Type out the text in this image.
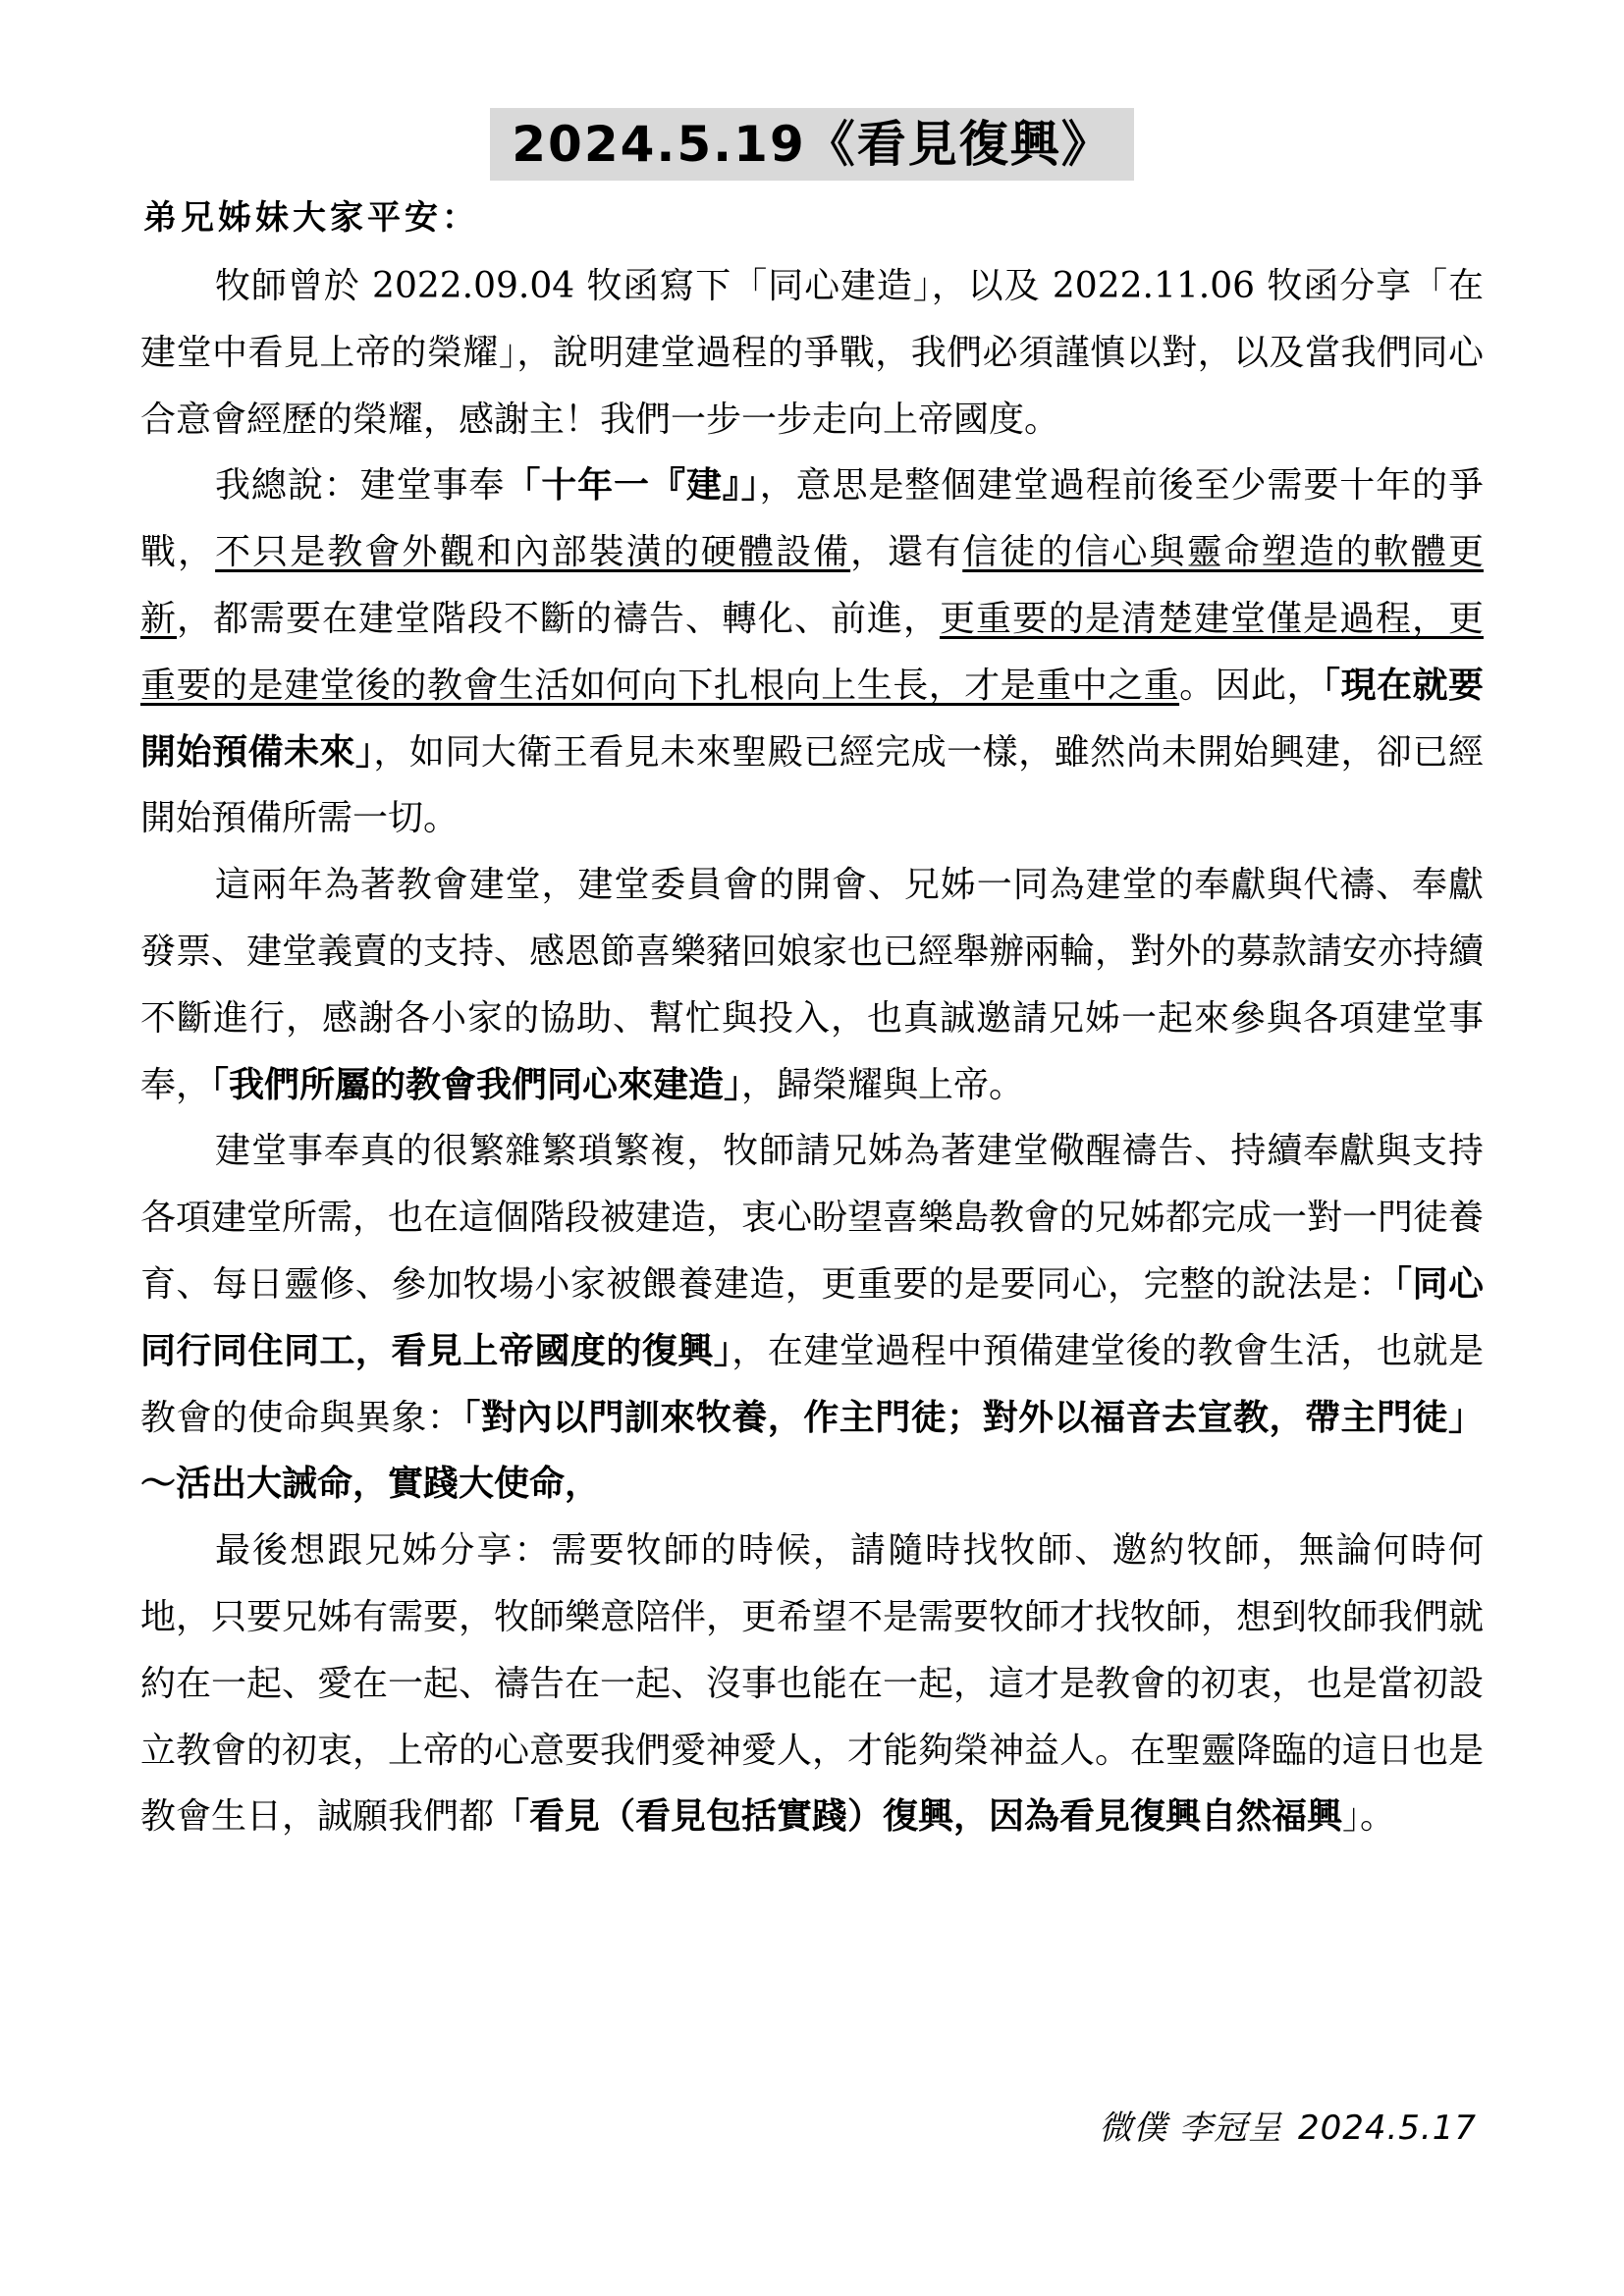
2024.5.19《看見復興》
弟兄姊妹大家平安：

牧師曾於 2022.09.04 牧函寫下「同心建造」，以及 2022.11.06 牧函分享「在建堂中看見上帝的榮耀」，說明建堂過程的爭戰，我們必須謹慎以對，以及當我們同心合意會經歷的榮耀，感謝主！我們一步一步走向上帝國度。

我總說：建堂事奉「十年一『建』」，意思是整個建堂過程前後至少需要十年的爭戰，不只是教會外觀和內部裝潢的硬體設備，還有信徒的信心與靈命塑造的軟體更新，都需要在建堂階段不斷的禱告、轉化、前進，更重要的是清楚建堂僅是過程，更重要的是建堂後的教會生活如何向下扎根向上生長，才是重中之重。因此，「現在就要開始預備未來」，如同大衛王看見未來聖殿已經完成一樣，雖然尚未開始興建，卻已經開始預備所需一切。

這兩年為著教會建堂，建堂委員會的開會、兄姊一同為建堂的奉獻與代禱、奉獻發票、建堂義賣的支持、感恩節喜樂豬回娘家也已經舉辦兩輪，對外的募款請安亦持續不斷進行，感謝各小家的協助、幫忙與投入，也真誠邀請兄姊一起來參與各項建堂事奉，「我們所屬的教會我們同心來建造」，歸榮耀與上帝。

建堂事奉真的很繁雜繁瑣繁複，牧師請兄姊為著建堂儆醒禱告、持續奉獻與支持各項建堂所需，也在這個階段被建造，衷心盼望喜樂島教會的兄姊都完成一對一門徒養育、每日靈修、參加牧場小家被餵養建造，更重要的是要同心，完整的說法是：「同心同行同住同工，看見上帝國度的復興」，在建堂過程中預備建堂後的教會生活，也就是教會的使命與異象：「對內以門訓來牧養，作主門徒；對外以福音去宣教，帶主門徒」～活出大誡命，實踐大使命，

最後想跟兄姊分享：需要牧師的時候，請隨時找牧師、邀約牧師，無論何時何地，只要兄姊有需要，牧師樂意陪伴，更希望不是需要牧師才找牧師，想到牧師我們就約在一起、愛在一起、禱告在一起、沒事也能在一起，這才是教會的初衷，也是當初設立教會的初衷，上帝的心意要我們愛神愛人，才能夠榮神益人。在聖靈降臨的這日也是教會生日，誠願我們都「看見（看見包括實踐）復興，因為看見復興自然福興」。

微僕 李冠呈 2024.5.17
